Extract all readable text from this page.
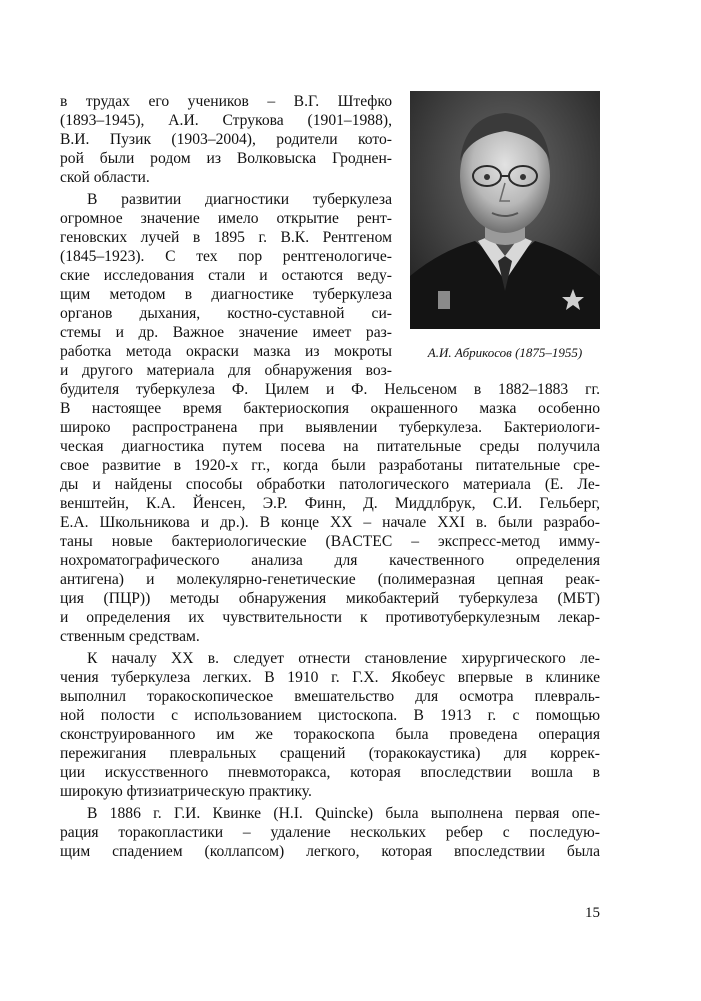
в трудах его учеников – В.Г. Штефко
(1893–1945), А.И. Струкова (1901–1988),
В.И. Пузик (1903–2004), родители кото-
рой были родом из Волковыска Гроднен-
ской области.
В развитии диагностики туберкулеза
огромное значение имело открытие рент-
геновских лучей в 1895 г. В.К. Рентгеном
(1845–1923). С тех пор рентгенологиче-
ские исследования стали и остаются веду-
щим методом в диагностике туберкулеза
органов дыхания, костно-суставной си-
стемы и др. Важное значение имеет раз-
работка метода окраски мазка из мокроты
и другого материала для обнаружения воз-
будителя туберкулеза Ф. Цилем и Ф. Нельсеном в 1882–1883 гг.
В настоящее время бактериоскопия окрашенного мазка особенно
широко распространена при выявлении туберкулеза. Бактериологи-
ческая диагностика путем посева на питательные среды получила
свое развитие в 1920-х гг., когда были разработаны питательные сре-
ды и найдены способы обработки патологического материала (Е. Ле-
венштейн, К.А. Йенсен, Э.Р. Финн, Д. Миддлбрук, С.И. Гельберг,
Е.А. Школьникова и др.). В конце XX – начале XXI в. были разрабо-
таны новые бактериологические (BACTEC – экспресс-метод имму-
нохроматографического анализа для качественного определения
антигена) и молекулярно-генетические (полимеразная цепная реак-
ция (ПЦР)) методы обнаружения микобактерий туберкулеза (МБТ)
и определения их чувствительности к противотуберкулезным лекар-
ственным средствам.
К началу XX в. следует отнести становление хирургического ле-
чения туберкулеза легких. В 1910 г. Г.Х. Якобеус впервые в клинике
выполнил торакоскопическое вмешательство для осмотра плевраль-
ной полости с использованием цистоскопа. В 1913 г. с помощью
сконструированного им же торакоскопа была проведена операция
пережигания плевральных сращений (торакокаустика) для коррек-
ции искусственного пневмоторакса, которая впоследствии вошла в
широкую фтизиатрическую практику.
В 1886 г. Г.И. Квинке (H.I. Quincke) была выполнена первая опе-
рация торакопластики – удаление нескольких ребер с последую-
щим спадением (коллапсом) легкого, которая впоследствии была
А.И. Абрикосов (1875–1955)
15
